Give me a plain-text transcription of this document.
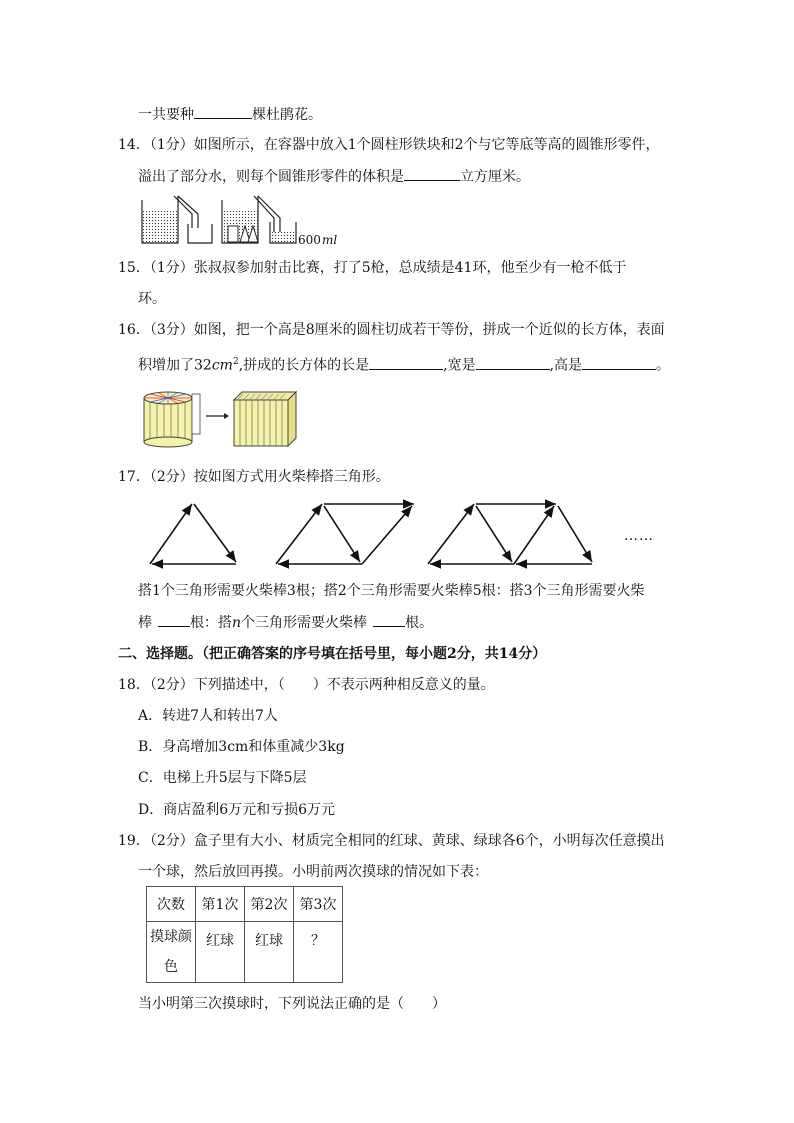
一共要种	棵杜鹃花。
14．（1分）如图所示，在容器中放入1个圆柱形铁块和2个与它等底等高的圆锥形零件，
溢出了部分水，则每个圆锥形零件的体积是	立方厘米。
600 ml
15．（1分）张叔叔参加射击比赛，打了5枪，总成绩是41环，他至少有一枪不低于
环。
16．（3分）如图，把一个高是8厘米的圆柱切成若干等份，拼成一个近似的长方体，表面
积增加了$32cm^2$,拼成的长方体的长是	,宽是	,高是	。
17．（2分）按如图方式用火柴棒搭三角形。
……
搭1个三角形需要火柴棒3根；搭2个三角形需要火柴棒5根：搭3个三角形需要火柴
棒	根：搭n个三角形需要火柴棒	根。
二、选择题。（把正确答案的序号填在括号里，每小题2分，共14分）
18．（2分）下列描述中，（　　）不表示两种相反意义的量。
A．转进7人和转出7人
B．身高增加3cm和体重减少3kg
C．电梯上升5层与下降5层
D．商店盈利6万元和亏损6万元
19．（2分）盒子里有大小、材质完全相同的红球、黄球、绿球各6个，小明每次任意摸出
一个球，然后放回再摸。小明前两次摸球的情况如下表：
次数	第1次	第2次	第3次

摸球颜
色	红球	红球	？
当小明第三次摸球时，下列说法正确的是（　　）
